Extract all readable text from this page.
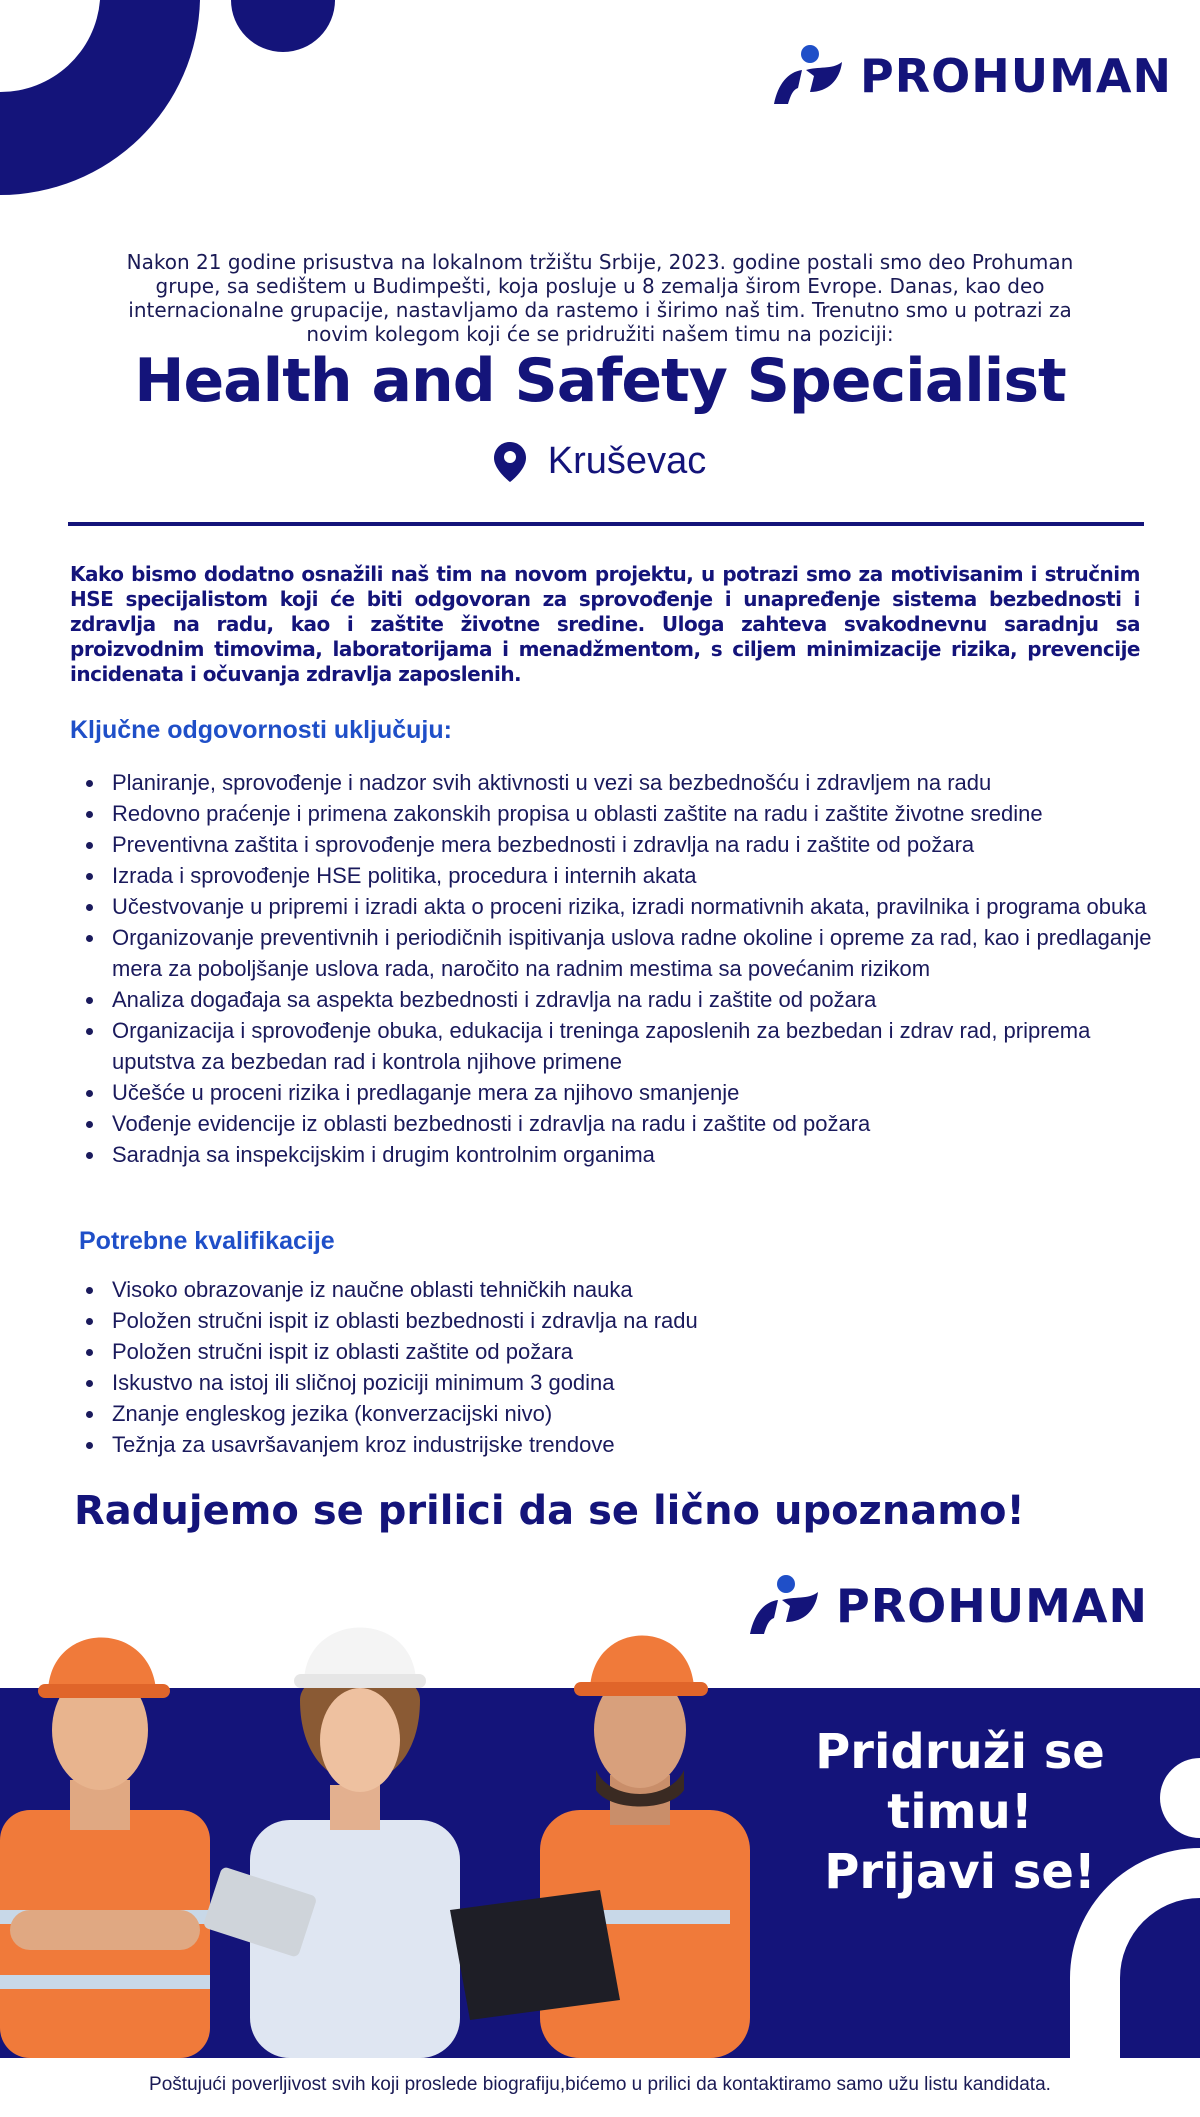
PROHUMAN

Nakon 21 godine prisustva na lokalnom tržištu Srbije, 2023. godine postali smo deo Prohuman grupe, sa sedištem u Budimpešti, koja posluje u 8 zemalja širom Evrope. Danas, kao deo internacionalne grupacije, nastavljamo da rastemo i širimo naš tim. Trenutno smo u potrazi za novim kolegom koji će se pridružiti našem timu na poziciji:

Health and Safety Specialist
Kruševac

Kako bismo dodatno osnažili naš tim na novom projektu, u potrazi smo za motivisanim i stručnim HSE specijalistom koji će biti odgovoran za sprovođenje i unapređenje sistema bezbednosti i zdravlja na radu, kao i zaštite životne sredine. Uloga zahteva svakodnevnu saradnju sa proizvodnim timovima, laboratorijama i menadžmentom, s ciljem minimizacije rizika, prevencije incidenata i očuvanja zdravlja zaposlenih.

Ključne odgovornosti uključuju:
Planiranje, sprovođenje i nadzor svih aktivnosti u vezi sa bezbednošću i zdravljem na radu
Redovno praćenje i primena zakonskih propisa u oblasti zaštite na radu i zaštite životne sredine
Preventivna zaštita i sprovođenje mera bezbednosti i zdravlja na radu i zaštite od požara
Izrada i sprovođenje HSE politika, procedura i internih akata
Učestvovanje u pripremi i izradi akta o proceni rizika, izradi normativnih akata, pravilnika i programa obuka
Organizovanje preventivnih i periodičnih ispitivanja uslova radne okoline i opreme za rad, kao i predlaganje mera za poboljšanje uslova rada, naročito na radnim mestima sa povećanim rizikom
Analiza događaja sa aspekta bezbednosti i zdravlja na radu i zaštite od požara
Organizacija i sprovođenje obuka, edukacija i treninga zaposlenih za bezbedan i zdrav rad, priprema uputstva za bezbedan rad i kontrola njihove primene
Učešće u proceni rizika i predlaganje mera za njihovo smanjenje
Vođenje evidencije iz oblasti bezbednosti i zdravlja na radu i zaštite od požara
Saradnja sa inspekcijskim i drugim kontrolnim organima
Potrebne kvalifikacije
Visoko obrazovanje iz naučne oblasti tehničkih nauka
Položen stručni ispit iz oblasti bezbednosti i zdravlja na radu
Položen stručni ispit iz oblasti zaštite od požara
Iskustvo na istoj ili sličnoj poziciji minimum 3 godina
Znanje engleskog jezika (konverzacijski nivo)
Težnja za usavršavanjem kroz industrijske trendove
Radujemo se prilici da se lično upoznamo!
PROHUMAN
Pridruži se timu!
Prijavi se!
Poštujući poverljivost svih koji proslede biografiju,bićemo u prilici da kontaktiramo samo užu listu kandidata.
